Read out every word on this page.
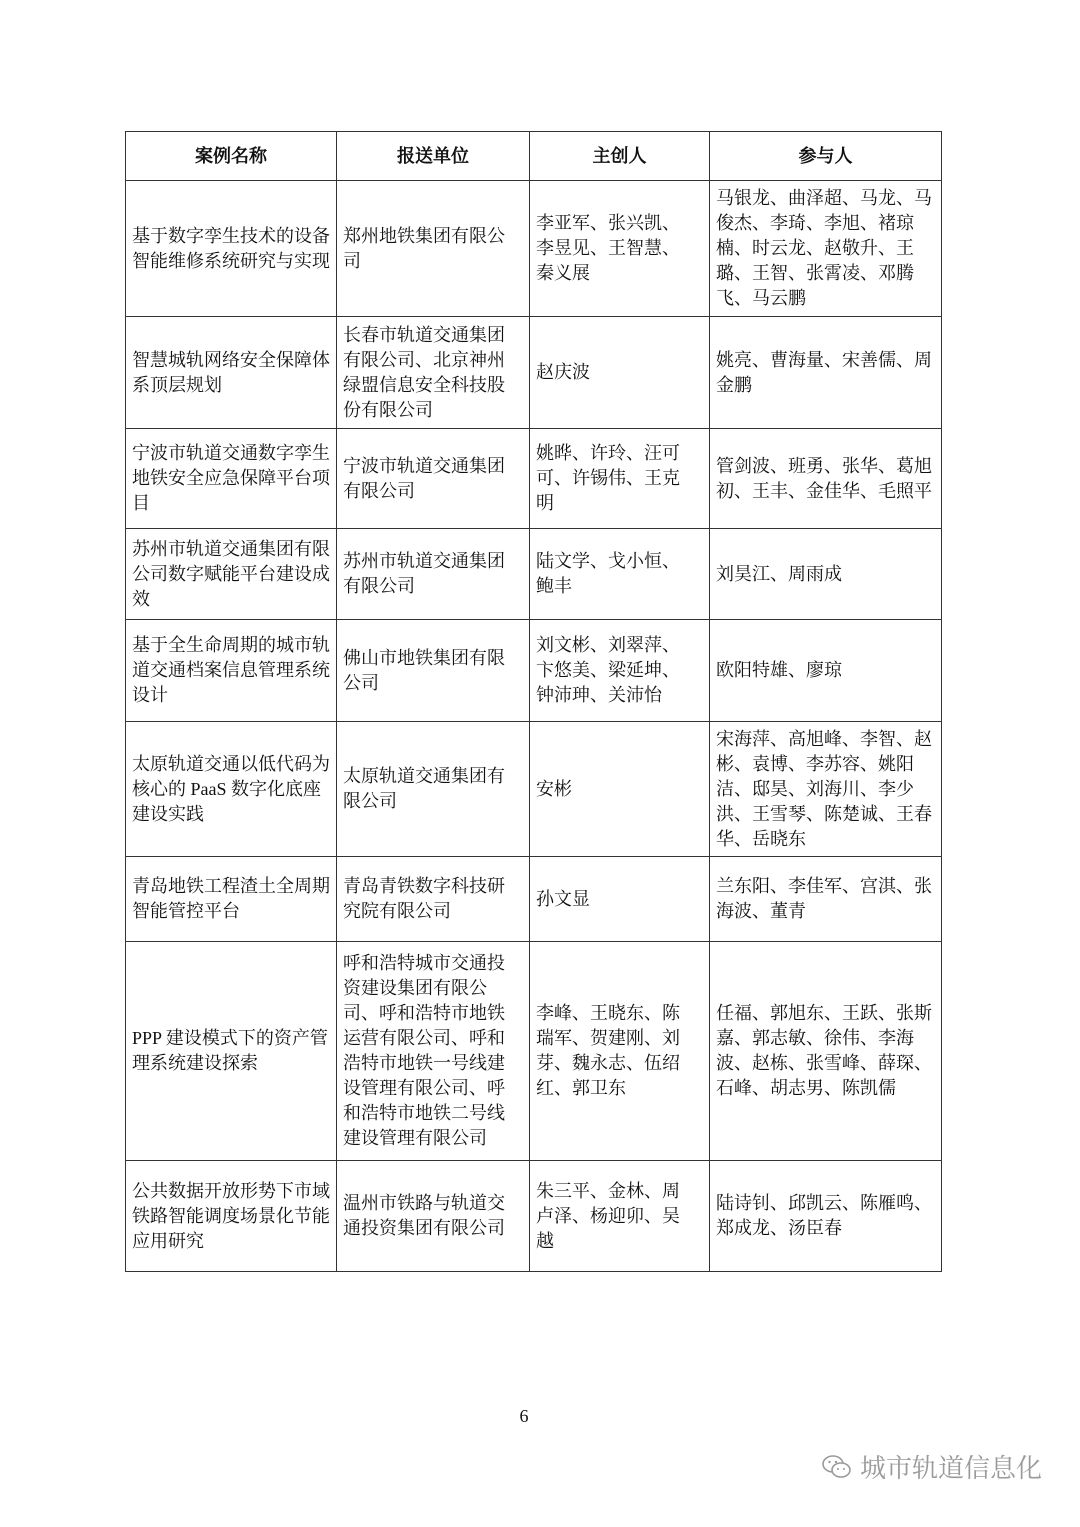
案例名称	报送单位	主创人	参与人
基于数字孪生技术的设备智能维修系统研究与实现	郑州地铁集团有限公司	李亚军、张兴凯、李昱见、王智慧、秦义展	马银龙、曲泽超、马龙、马俊杰、李琦、李旭、褚琼楠、时云龙、赵敬升、王璐、王智、张霄凌、邓腾飞、马云鹏
智慧城轨网络安全保障体系顶层规划	长春市轨道交通集团有限公司、北京神州绿盟信息安全科技股份有限公司	赵庆波	姚亮、曹海量、宋善儒、周金鹏
宁波市轨道交通数字孪生地铁安全应急保障平台项目	宁波市轨道交通集团有限公司	姚晔、许玲、汪可可、许锡伟、王克明	管剑波、班勇、张华、葛旭初、王丰、金佳华、毛照平
苏州市轨道交通集团有限公司数字赋能平台建设成效	苏州市轨道交通集团有限公司	陆文学、戈小恒、鲍丰	刘昊江、周雨成
基于全生命周期的城市轨道交通档案信息管理系统设计	佛山市地铁集团有限公司	刘文彬、刘翠萍、卞悠美、梁延坤、钟沛珅、关沛怡	欧阳特雄、廖琼
太原轨道交通以低代码为核心的 PaaS 数字化底座建设实践	太原轨道交通集团有限公司	安彬	宋海萍、高旭峰、李智、赵彬、袁博、李苏容、姚阳洁、邸昊、刘海川、李少洪、王雪琴、陈楚诚、王春华、岳晓东
青岛地铁工程渣土全周期智能管控平台	青岛青铁数字科技研究院有限公司	孙文显	兰东阳、李佳军、宫淇、张海波、董青
PPP 建设模式下的资产管理系统建设探索	呼和浩特城市交通投资建设集团有限公司、呼和浩特市地铁运营有限公司、呼和浩特市地铁一号线建设管理有限公司、呼和浩特市地铁二号线建设管理有限公司	李峰、王晓东、陈瑞军、贺建刚、刘芽、魏永志、伍绍红、郭卫东	任福、郭旭东、王跃、张斯嘉、郭志敏、徐伟、李海波、赵栋、张雪峰、薛琛、石峰、胡志男、陈凯儒
公共数据开放形势下市域铁路智能调度场景化节能应用研究	温州市铁路与轨道交通投资集团有限公司	朱三平、金林、周卢泽、杨迎卯、吴越	陆诗钊、邱凯云、陈雁鸣、郑成龙、汤臣春
6
城市轨道信息化
